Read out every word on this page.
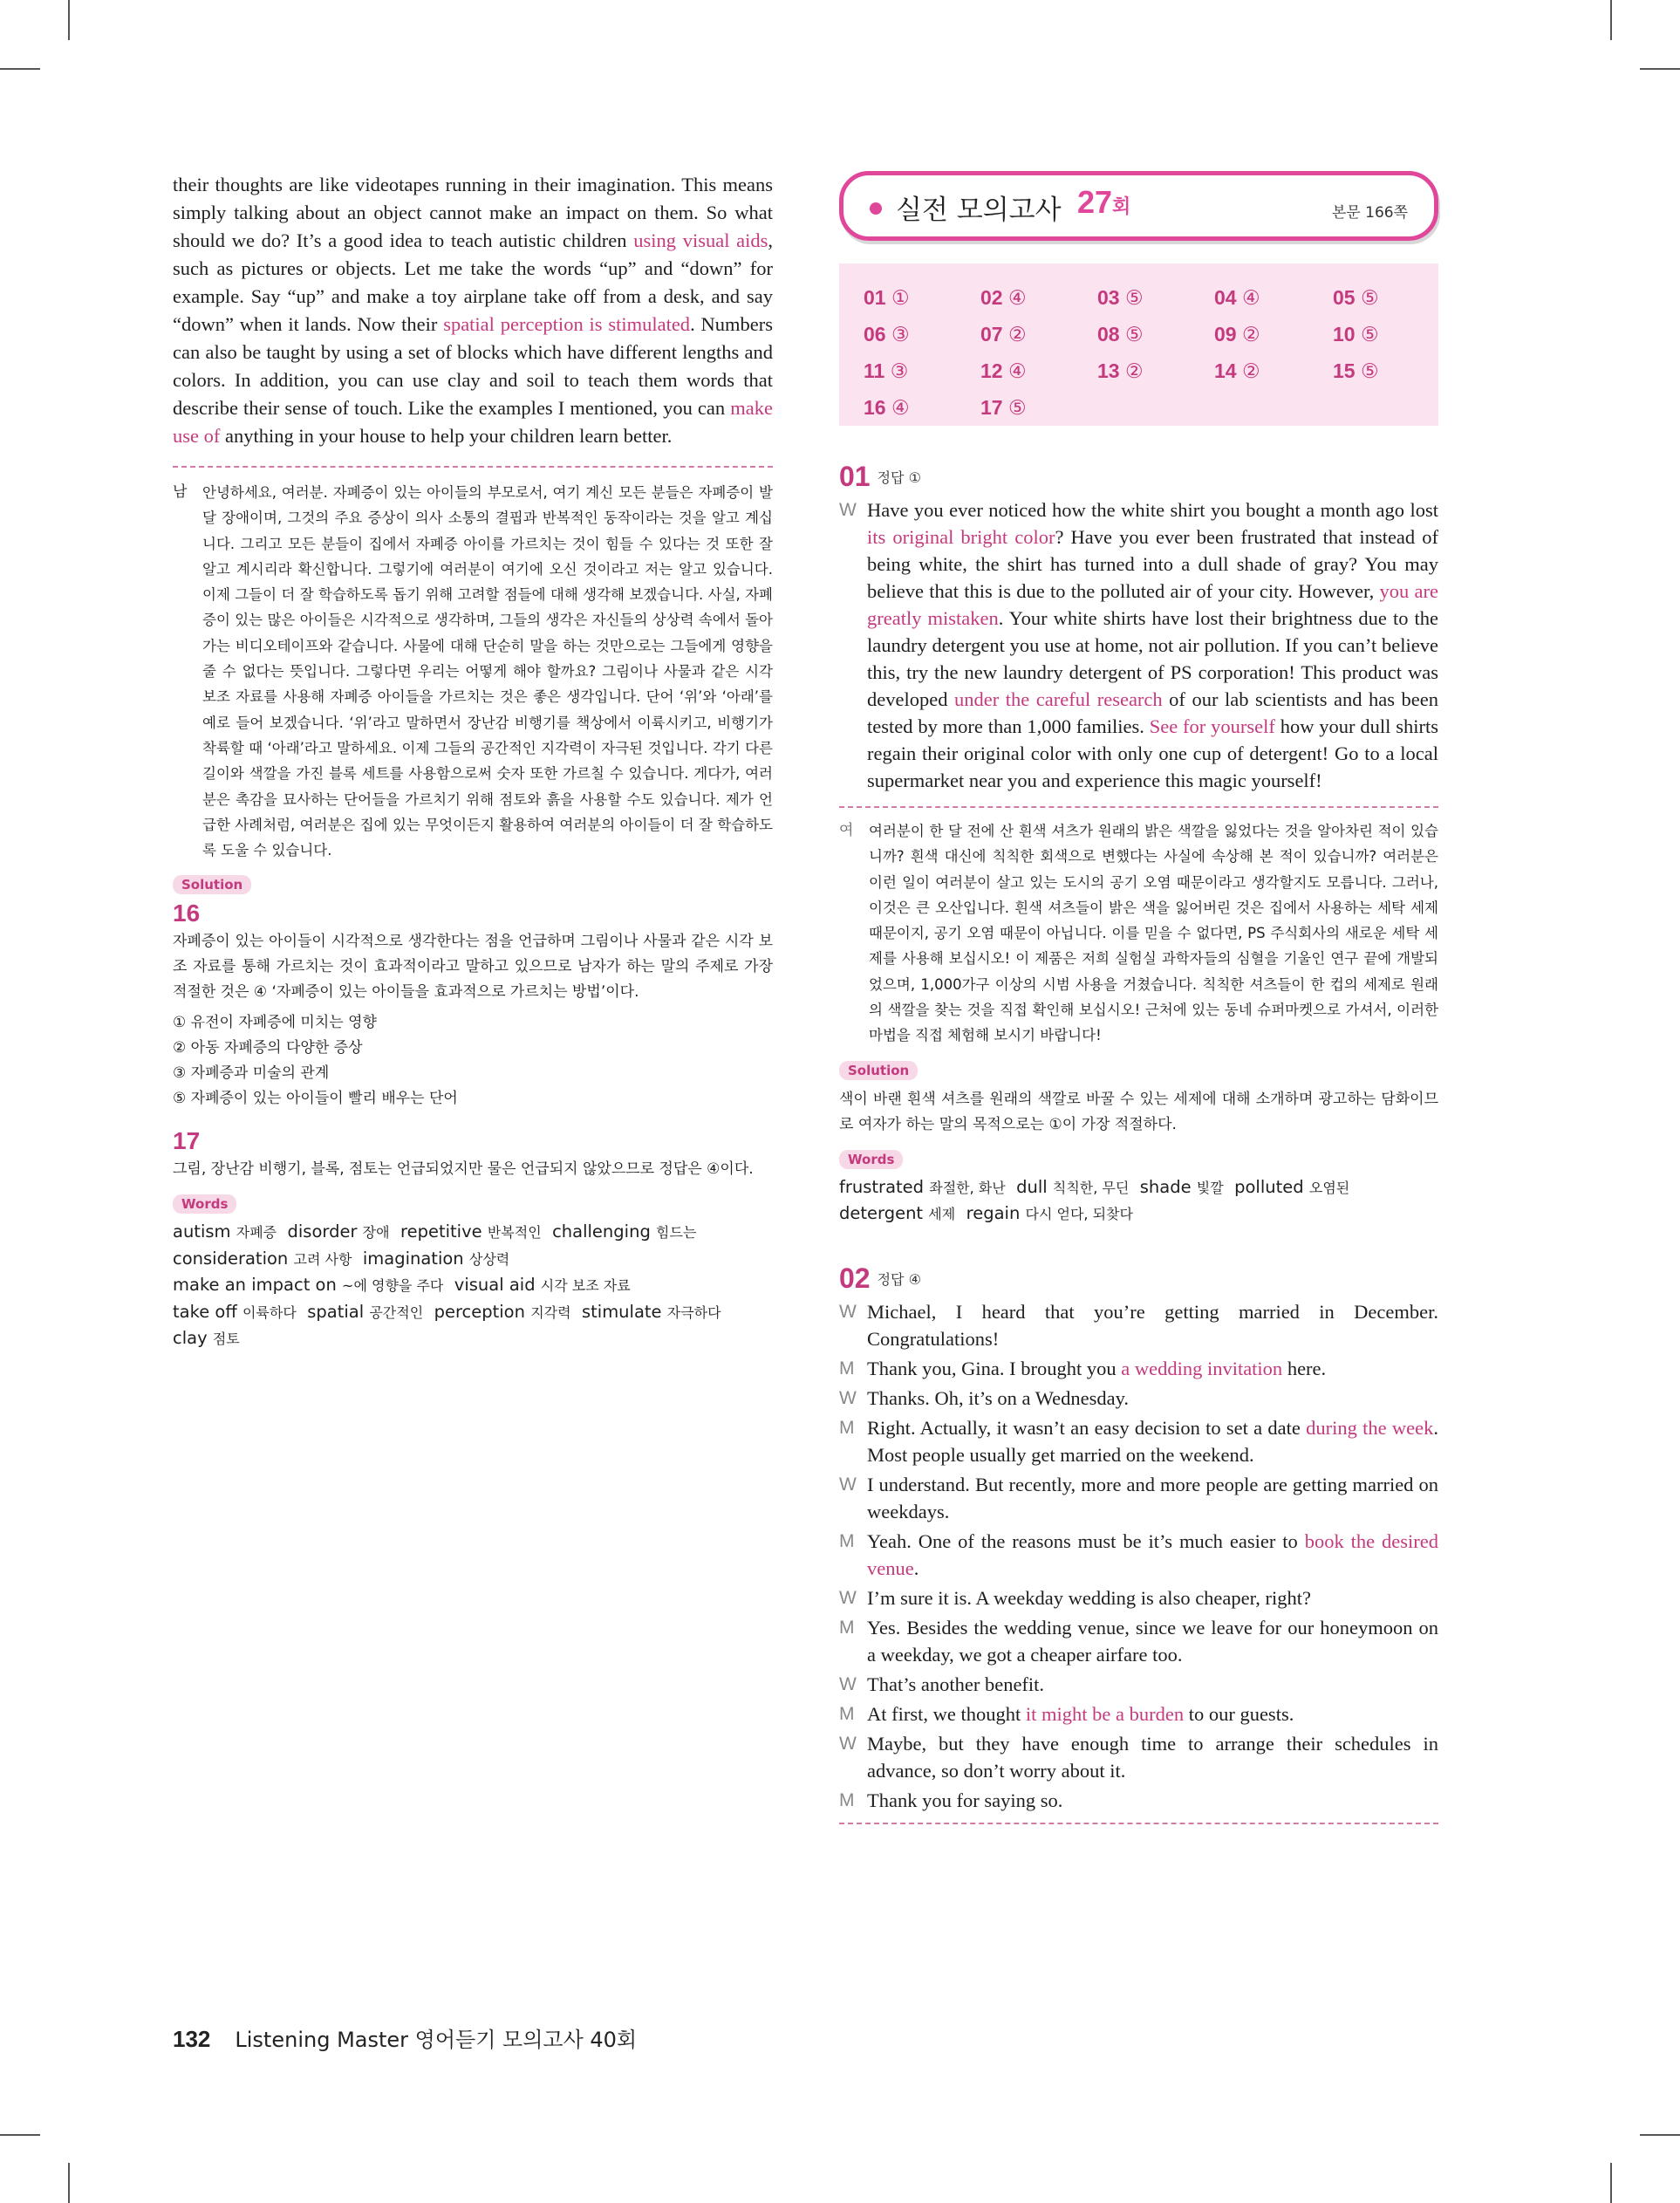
their thoughts are like videotapes running in their imagination. This means simply talking about an object cannot make an impact on them. So what should we do? It’s a good idea to teach autistic children using visual aids, such as pictures or objects. Let me take the words “up” and “down” for example. Say “up” and make a toy airplane take off from a desk, and say “down” when it lands. Now their spatial perception is stimulated. Numbers can also be taught by using a set of blocks which have different lengths and colors. In addition, you can use clay and soil to teach them words that describe their sense of touch. Like the examples I mentioned, you can make use of anything in your house to help your children learn better.

남 안녕하세요, 여러분. 자폐증이 있는 아이들의 부모로서, 여기 계신 모든 분들은 자폐증이 발달 장애이며, 그것의 주요 증상이 의사 소통의 결핍과 반복적인 동작이라는 것을 알고 계십니다. 그리고 모든 분들이 집에서 자폐증 아이를 가르치는 것이 힘들 수 있다는 것 또한 잘 알고 계시리라 확신합니다. 그렇기에 여러분이 여기에 오신 것이라고 저는 알고 있습니다. 이제 그들이 더 잘 학습하도록 돕기 위해 고려할 점들에 대해 생각해 보겠습니다. 사실, 자폐증이 있는 많은 아이들은 시각적으로 생각하며, 그들의 생각은 자신들의 상상력 속에서 돌아가는 비디오테이프와 같습니다. 사물에 대해 단순히 말을 하는 것만으로는 그들에게 영향을 줄 수 없다는 뜻입니다. 그렇다면 우리는 어떻게 해야 할까요? 그림이나 사물과 같은 시각 보조 자료를 사용해 자폐증 아이들을 가르치는 것은 좋은 생각입니다. 단어 ‘위’와 ‘아래’를 예로 들어 보겠습니다. ‘위’라고 말하면서 장난감 비행기를 책상에서 이륙시키고, 비행기가 착륙할 때 ‘아래’라고 말하세요. 이제 그들의 공간적인 지각력이 자극된 것입니다. 각기 다른 길이와 색깔을 가진 블록 세트를 사용함으로써 숫자 또한 가르칠 수 있습니다. 게다가, 여러분은 촉감을 묘사하는 단어들을 가르치기 위해 점토와 흙을 사용할 수도 있습니다. 제가 언급한 사례처럼, 여러분은 집에 있는 무엇이든지 활용하여 여러분의 아이들이 더 잘 학습하도록 도울 수 있습니다.
Solution
16

자폐증이 있는 아이들이 시각적으로 생각한다는 점을 언급하며 그림이나 사물과 같은 시각 보조 자료를 통해 가르치는 것이 효과적이라고 말하고 있으므로 남자가 하는 말의 주제로 가장 적절한 것은 ④ ‘자폐증이 있는 아이들을 효과적으로 가르치는 방법’이다.

① 유전이 자폐증에 미치는 영향

② 아동 자폐증의 다양한 증상

③ 자폐증과 미술의 관계

⑤ 자폐증이 있는 아이들이 빨리 배우는 단어

17

그림, 장난감 비행기, 블록, 점토는 언급되었지만 물은 언급되지 않았으므로 정답은 ④이다.

Words

autism 자폐증 disorder 장애 repetitive 반복적인 challenging 힘드는

consideration 고려 사항 imagination 상상력

make an impact on ~에 영향을 주다 visual aid 시각 보조 자료

take off 이륙하다 spatial 공간적인 perception 지각력 stimulate 자극하다

clay 점토

실전 모의고사 27회	본문 166쪽
01 ①	02 ④	03 ⑤	04 ④	05 ⑤
06 ③	07 ②	08 ⑤	09 ②	10 ⑤
11 ③	12 ④	13 ②	14 ②	15 ⑤
16 ④	17 ⑤
01 정답 ①
W Have you ever noticed how the white shirt you bought a month ago lost its original bright color? Have you ever been frustrated that instead of being white, the shirt has turned into a dull shade of gray? You may believe that this is due to the polluted air of your city. However, you are greatly mistaken. Your white shirts have lost their brightness due to the laundry detergent you use at home, not air pollution. If you can’t believe this, try the new laundry detergent of PS corporation! This product was developed under the careful research of our lab scientists and has been tested by more than 1,000 families. See for yourself how your dull shirts regain their original color with only one cup of detergent! Go to a local supermarket near you and experience this magic yourself!
여 여러분이 한 달 전에 산 흰색 셔츠가 원래의 밝은 색깔을 잃었다는 것을 알아차린 적이 있습니까? 흰색 대신에 칙칙한 회색으로 변했다는 사실에 속상해 본 적이 있습니까? 여러분은 이런 일이 여러분이 살고 있는 도시의 공기 오염 때문이라고 생각할지도 모릅니다. 그러나, 이것은 큰 오산입니다. 흰색 셔츠들이 밝은 색을 잃어버린 것은 집에서 사용하는 세탁 세제 때문이지, 공기 오염 때문이 아닙니다. 이를 믿을 수 없다면, PS 주식회사의 새로운 세탁 세제를 사용해 보십시오! 이 제품은 저희 실험실 과학자들의 심혈을 기울인 연구 끝에 개발되었으며, 1,000가구 이상의 시범 사용을 거쳤습니다. 칙칙한 셔츠들이 한 컵의 세제로 원래의 색깔을 찾는 것을 직접 확인해 보십시오! 근처에 있는 동네 슈퍼마켓으로 가셔서, 이러한 마법을 직접 체험해 보시기 바랍니다!
Solution

색이 바랜 흰색 셔츠를 원래의 색깔로 바꿀 수 있는 세제에 대해 소개하며 광고하는 담화이므로 여자가 하는 말의 목적으로는 ①이 가장 적절하다.

Words

frustrated 좌절한, 화난 dull 칙칙한, 무딘 shade 빛깔 polluted 오염된

detergent 세제 regain 다시 얻다, 되찾다

02 정답 ④
W Michael, I heard that you’re getting married in December. Congratulations!
M Thank you, Gina. I brought you a wedding invitation here.
W Thanks. Oh, it’s on a Wednesday.
M Right. Actually, it wasn’t an easy decision to set a date during the week. Most people usually get married on the weekend.
W I understand. But recently, more and more people are getting married on weekdays.
M Yeah. One of the reasons must be it’s much easier to book the desired venue.
W I’m sure it is. A weekday wedding is also cheaper, right?
M Yes. Besides the wedding venue, since we leave for our honeymoon on a weekday, we got a cheaper airfare too.
W That’s another benefit.
M At first, we thought it might be a burden to our guests.
W Maybe, but they have enough time to arrange their schedules in advance, so don’t worry about it.
M Thank you for saying so.
132 Listening Master 영어듣기 모의고사 40회
